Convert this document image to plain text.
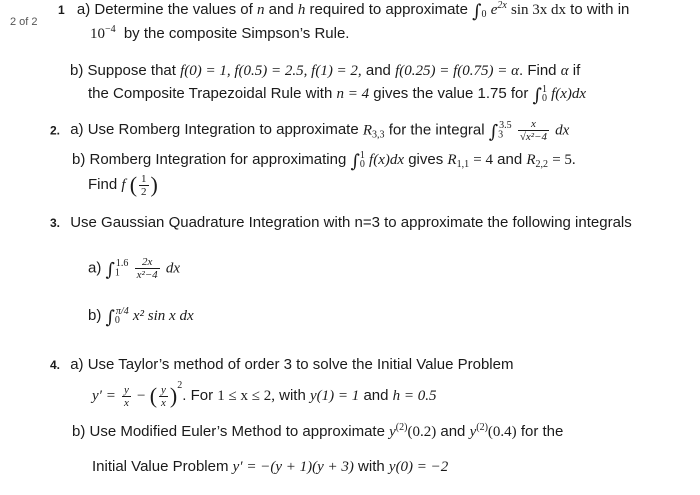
2 of 2
1 a) Determine the values of n and h required to approximate $\int_0$ $e^{2x}$ sin 3x dx to with in
$10^{-4}$ by the composite Simpson’s Rule.
b) Suppose that f(0) = 1, f(0.5) = 2.5, f(1) = 2, and f(0.25) = f(0.75) = α. Find α if
the Composite Trapezoidal Rule with n = 4 gives the value 1.75 for $\int_0^1$ f(x)dx
2. a) Use Romberg Integration to approximate $R_{3,3}$ for the integral $\int_3^{3.5} \frac{x}{\text{√x²−4}}$ dx
b) Romberg Integration for approximating $\int_0^1$ f(x)dx gives $R_{1,1} = 4$ and $R_{2,2} = 5$.
Find f ( $\frac{1}{2}$ )
3. Use Gaussian Quadrature Integration with n=3 to approximate the following integrals
a) $\int_1^{1.6} \frac{2x}{\text{x²−4}}$ dx
b) $\int_0^{\pi/4}$ x² sin x dx
4. a) Use Taylor’s method of order 3 to solve the Initial Value Problem
$y' = \frac{y}{x}$ − ( $\frac{y}{x} )^2$. For 1 ≤ x ≤ 2, with y(1) = 1 and h = 0.5
b) Use Modified Euler’s Method to approximate $y^{(2)}(0.2)$ and $y^{(2)}(0.4)$ for the
Initial Value Problem y′ = −(y + 1)(y + 3) with y(0) = −2
